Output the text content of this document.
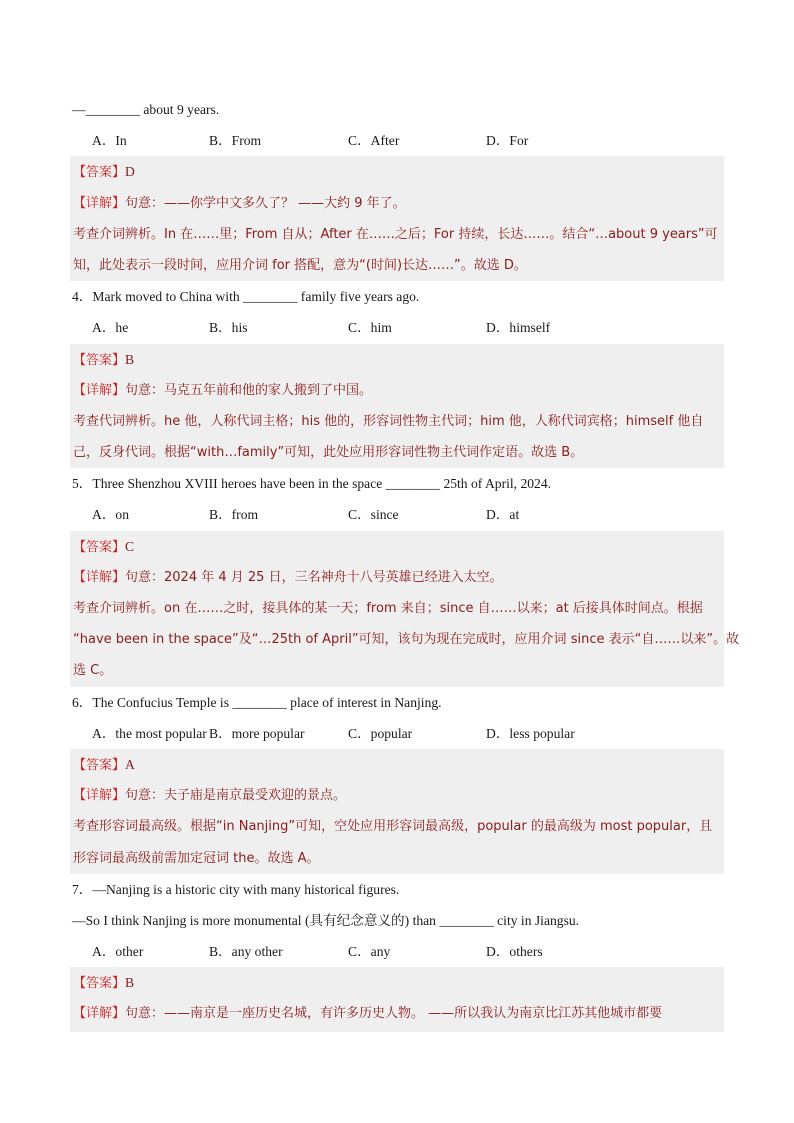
—________ about 9 years.
A．In	B．From	C．After	D．For
【答案】D
【详解】句意：——你学中文多久了？ ——大约 9 年了。
考查介词辨析。In 在……里；From 自从；After 在……之后；For 持续，长达……。结合“…about 9 years”可
知，此处表示一段时间，应用介词 for 搭配，意为“(时间)长达……”。故选 D。
4．Mark moved to China with ________ family five years ago.
A．he	B．his	C．him	D．himself
【答案】B
【详解】句意：马克五年前和他的家人搬到了中国。
考查代词辨析。he 他，人称代词主格；his 他的，形容词性物主代词；him 他，人称代词宾格；himself 他自
己，反身代词。根据“with…family”可知，此处应用形容词性物主代词作定语。故选 B。
5．Three Shenzhou XVIII heroes have been in the space ________ 25th of April, 2024.
A．on	B．from	C．since	D．at
【答案】C
【详解】句意：2024 年 4 月 25 日，三名神舟十八号英雄已经进入太空。
考查介词辨析。on 在……之时，接具体的某一天；from 来自；since 自……以来；at 后接具体时间点。根据
“have been in the space”及“…25th of April”可知，该句为现在完成时，应用介词 since 表示“自……以来”。故
选 C。
6．The Confucius Temple is ________ place of interest in Nanjing.
A．the most popular B．more popular	C．popular	D．less popular
【答案】A
【详解】句意：夫子庙是南京最受欢迎的景点。
考查形容词最高级。根据“in Nanjing”可知，空处应用形容词最高级，popular 的最高级为 most popular，且
形容词最高级前需加定冠词 the。故选 A。
7．—Nanjing is a historic city with many historical figures.
—So I think Nanjing is more monumental (具有纪念意义的) than ________ city in Jiangsu.
A．other	B．any other	C．any	D．others
【答案】B
【详解】句意：——南京是一座历史名城，有许多历史人物。 ——所以我认为南京比江苏其他城市都要
